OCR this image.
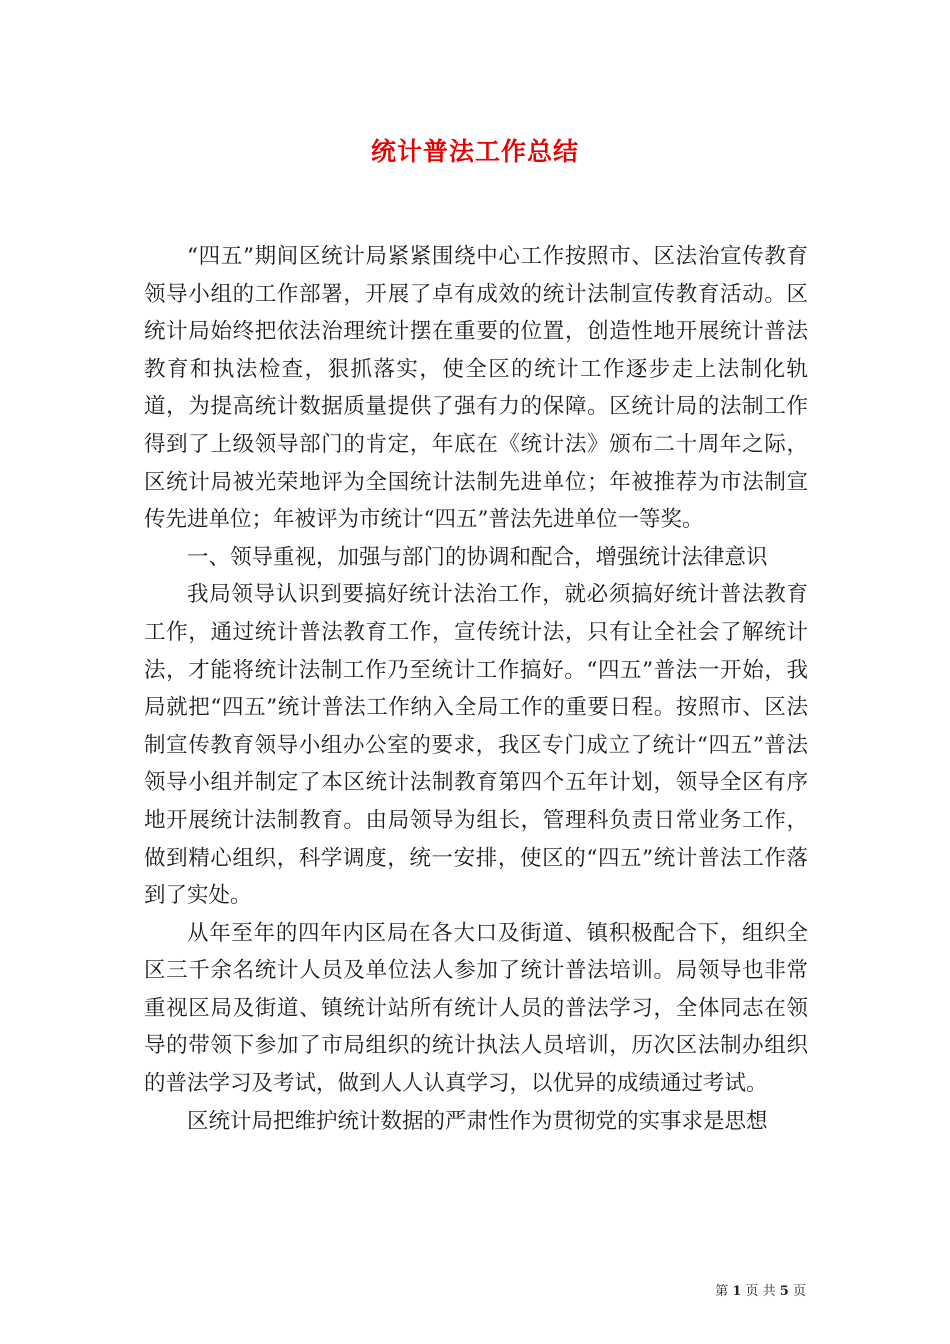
统计普法工作总结

“四五”期间区统计局紧紧围绕中心工作按照市、区法治宣传教育领导小组的工作部署，开展了卓有成效的统计法制宣传教育活动。区统计局始终把依法治理统计摆在重要的位置，创造性地开展统计普法教育和执法检查，狠抓落实，使全区的统计工作逐步走上法制化轨道，为提高统计数据质量提供了强有力的保障。区统计局的法制工作得到了上级领导部门的肯定，年底在《统计法》颁布二十周年之际，区统计局被光荣地评为全国统计法制先进单位；年被推荐为市法制宣传先进单位；年被评为市统计“四五”普法先进单位一等奖。

一、领导重视，加强与部门的协调和配合，增强统计法律意识

我局领导认识到要搞好统计法治工作，就必须搞好统计普法教育工作，通过统计普法教育工作，宣传统计法，只有让全社会了解统计法，才能将统计法制工作乃至统计工作搞好。“四五”普法一开始，我局就把“四五”统计普法工作纳入全局工作的重要日程。按照市、区法制宣传教育领导小组办公室的要求，我区专门成立了统计“四五”普法领导小组并制定了本区统计法制教育第四个五年计划，领导全区有序地开展统计法制教育。由局领导为组长，管理科负责日常业务工作，做到精心组织，科学调度，统一安排，使区的“四五”统计普法工作落到了实处。

从年至年的四年内区局在各大口及街道、镇积极配合下，组织全区三千余名统计人员及单位法人参加了统计普法培训。局领导也非常重视区局及街道、镇统计站所有统计人员的普法学习，全体同志在领导的带领下参加了市局组织的统计执法人员培训，历次区法制办组织的普法学习及考试，做到人人认真学习，以优异的成绩通过考试。

区统计局把维护统计数据的严肃性作为贯彻党的实事求是思想

第 1 页 共 5 页
